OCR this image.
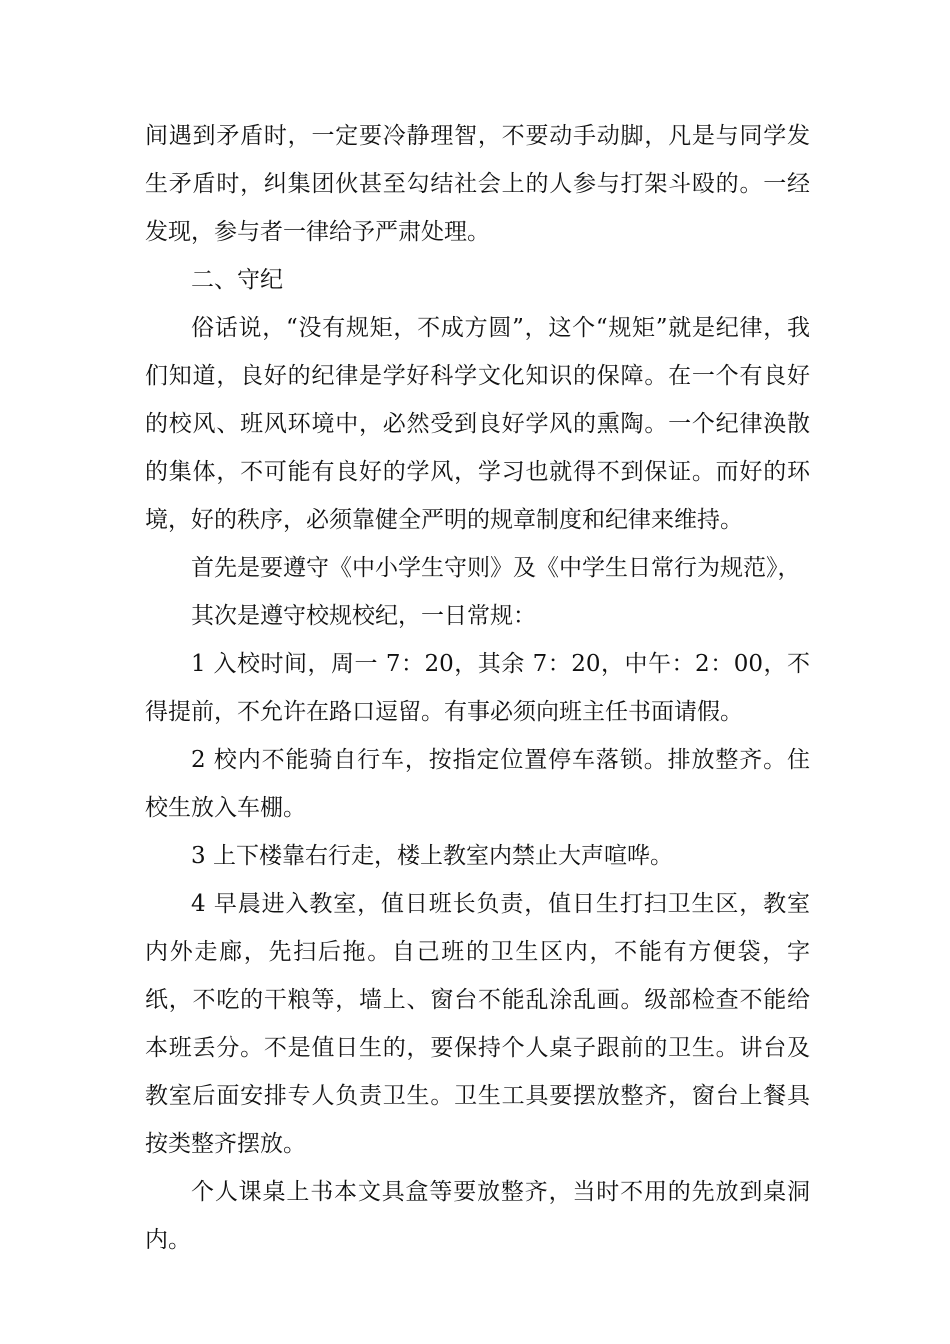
间遇到矛盾时，一定要冷静理智，不要动手动脚，凡是与同学发生矛盾时，纠集团伙甚至勾结社会上的人参与打架斗殴的。一经发现，参与者一律给予严肃处理。

二、守纪

俗话说，“没有规矩，不成方圆”，这个“规矩”就是纪律，我们知道，良好的纪律是学好科学文化知识的保障。在一个有良好的校风、班风环境中，必然受到良好学风的熏陶。一个纪律涣散的集体，不可能有良好的学风，学习也就得不到保证。而好的环境，好的秩序，必须靠健全严明的规章制度和纪律来维持。

首先是要遵守《中小学生守则》及《中学生日常行为规范》，

其次是遵守校规校纪，一日常规：

1 入校时间，周一 7：20，其余 7：20，中午：2：00，不得提前，不允许在路口逗留。有事必须向班主任书面请假。

2 校内不能骑自行车，按指定位置停车落锁。排放整齐。住校生放入车棚。

3 上下楼靠右行走，楼上教室内禁止大声喧哗。

4 早晨进入教室，值日班长负责，值日生打扫卫生区，教室内外走廊，先扫后拖。自己班的卫生区内，不能有方便袋，字纸，不吃的干粮等，墙上、窗台不能乱涂乱画。级部检查不能给本班丢分。不是值日生的，要保持个人桌子跟前的卫生。讲台及教室后面安排专人负责卫生。卫生工具要摆放整齐，窗台上餐具按类整齐摆放。

个人课桌上书本文具盒等要放整齐，当时不用的先放到桌洞内。
